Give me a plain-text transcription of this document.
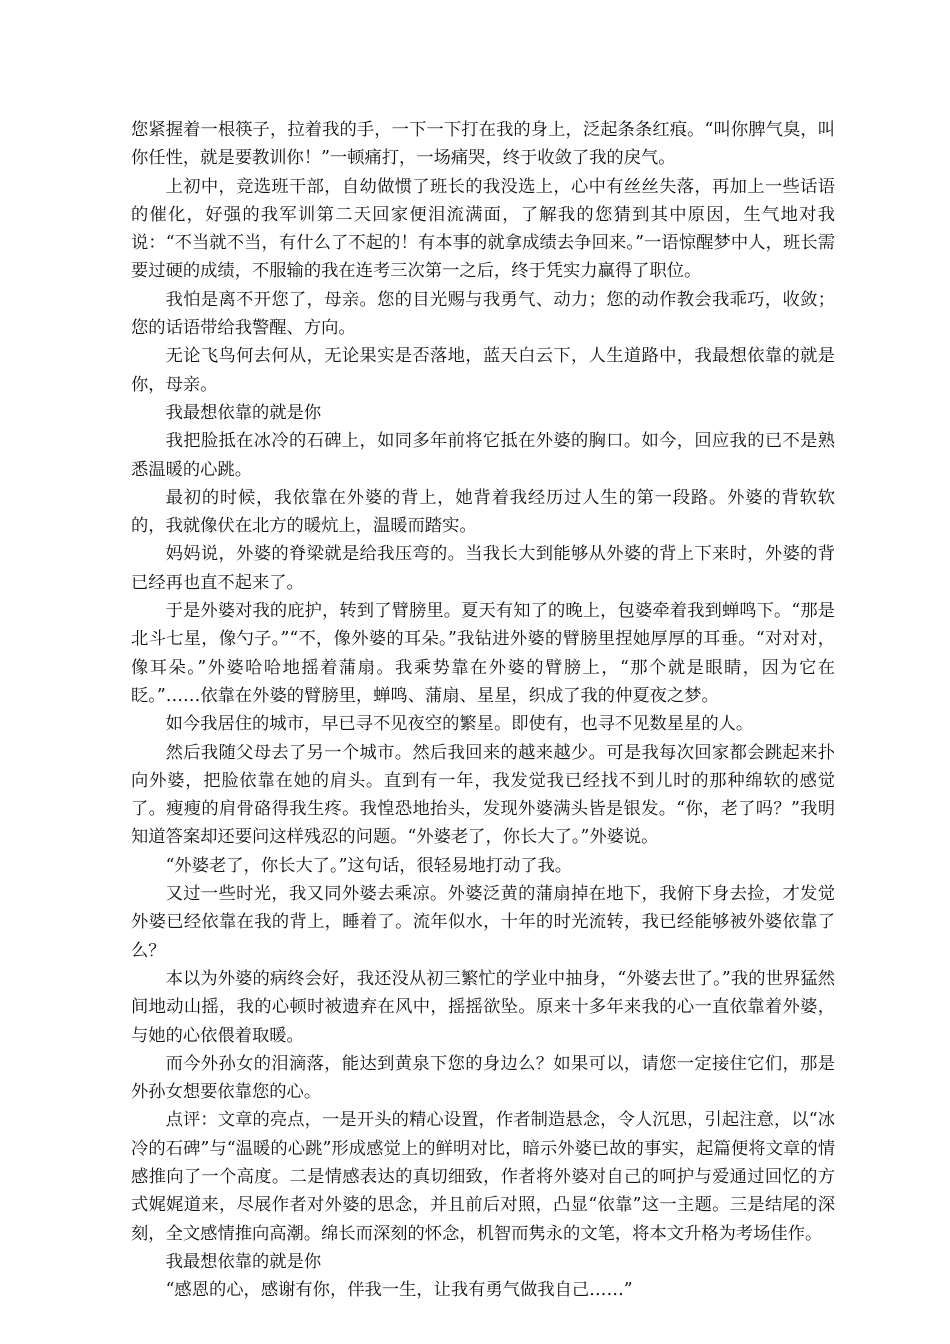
您紧握着一根筷子，拉着我的手，一下一下打在我的身上，泛起条条红痕。“叫你脾气臭，叫你任性，就是要教训你！”一顿痛打，一场痛哭，终于收敛了我的戾气。

上初中，竞选班干部，自幼做惯了班长的我没选上，心中有丝丝失落，再加上一些话语的催化，好强的我军训第二天回家便泪流满面，了解我的您猜到其中原因，生气地对我说：“不当就不当，有什么了不起的！有本事的就拿成绩去争回来。”一语惊醒梦中人，班长需要过硬的成绩，不服输的我在连考三次第一之后，终于凭实力赢得了职位。

我怕是离不开您了，母亲。您的目光赐与我勇气、动力；您的动作教会我乖巧，收敛；您的话语带给我警醒、方向。

无论飞鸟何去何从，无论果实是否落地，蓝天白云下，人生道路中，我最想依靠的就是你，母亲。

我最想依靠的就是你

我把脸抵在冰冷的石碑上，如同多年前将它抵在外婆的胸口。如今，回应我的已不是熟悉温暖的心跳。

最初的时候，我依靠在外婆的背上，她背着我经历过人生的第一段路。外婆的背软软的，我就像伏在北方的暖炕上，温暖而踏实。

妈妈说，外婆的脊梁就是给我压弯的。当我长大到能够从外婆的背上下来时，外婆的背已经再也直不起来了。

于是外婆对我的庇护，转到了臂膀里。夏天有知了的晚上，包婆牵着我到蝉鸣下。“那是北斗七星，像勺子。”“不，像外婆的耳朵。”我钻进外婆的臂膀里捏她厚厚的耳垂。“对对对，像耳朵。”外婆哈哈地摇着蒲扇。我乘势靠在外婆的臂膀上，“那个就是眼睛，因为它在眨。”……依靠在外婆的臂膀里，蝉鸣、蒲扇、星星，织成了我的仲夏夜之梦。

如今我居住的城市，早已寻不见夜空的繁星。即使有，也寻不见数星星的人。

然后我随父母去了另一个城市。然后我回来的越来越少。可是我每次回家都会跳起来扑向外婆，把脸依靠在她的肩头。直到有一年，我发觉我已经找不到儿时的那种绵软的感觉了。瘦瘦的肩骨硌得我生疼。我惶恐地抬头，发现外婆满头皆是银发。“你，老了吗？”我明知道答案却还要问这样残忍的问题。“外婆老了，你长大了。”外婆说。

“外婆老了，你长大了。”这句话，很轻易地打动了我。

又过一些时光，我又同外婆去乘凉。外婆泛黄的蒲扇掉在地下，我俯下身去捡，才发觉外婆已经依靠在我的背上，睡着了。流年似水，十年的时光流转，我已经能够被外婆依靠了么？

本以为外婆的病终会好，我还没从初三繁忙的学业中抽身，“外婆去世了。”我的世界猛然间地动山摇，我的心顿时被遗弃在风中，摇摇欲坠。原来十多年来我的心一直依靠着外婆，与她的心依偎着取暖。

而今外孙女的泪滴落，能达到黄泉下您的身边么？如果可以，请您一定接住它们，那是外孙女想要依靠您的心。

点评：文章的亮点，一是开头的精心设置，作者制造悬念，令人沉思，引起注意，以“冰冷的石碑”与“温暖的心跳”形成感觉上的鲜明对比，暗示外婆已故的事实，起篇便将文章的情感推向了一个高度。二是情感表达的真切细致，作者将外婆对自己的呵护与爱通过回忆的方式娓娓道来，尽展作者对外婆的思念，并且前后对照，凸显“依靠”这一主题。三是结尾的深刻，全文感情推向高潮。绵长而深刻的怀念，机智而隽永的文笔，将本文升格为考场佳作。

我最想依靠的就是你

“感恩的心，感谢有你，伴我一生，让我有勇气做我自己……”
